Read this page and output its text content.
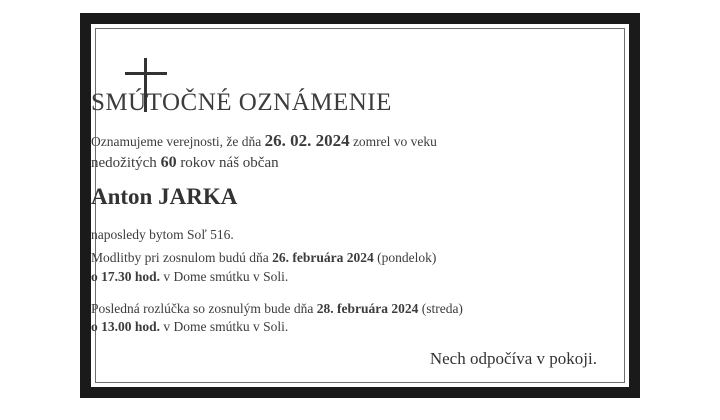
SMÚTOČNÉ OZNÁMENIE
Oznamujeme verejnosti, že dňa 26. 02. 2024 zomrel vo veku
nedožitých 60 rokov náš občan
Anton JARKA
naposledy bytom Soľ 516.
Modlitby pri zosnulom budú dňa 26. februára 2024 (pondelok)
o 17.30 hod. v Dome smútku v Soli.
Posledná rozlúčka so zosnulým bude dňa 28. februára 2024 (streda)
o 13.00 hod. v Dome smútku v Soli.
Nech odpočíva v pokoji.
